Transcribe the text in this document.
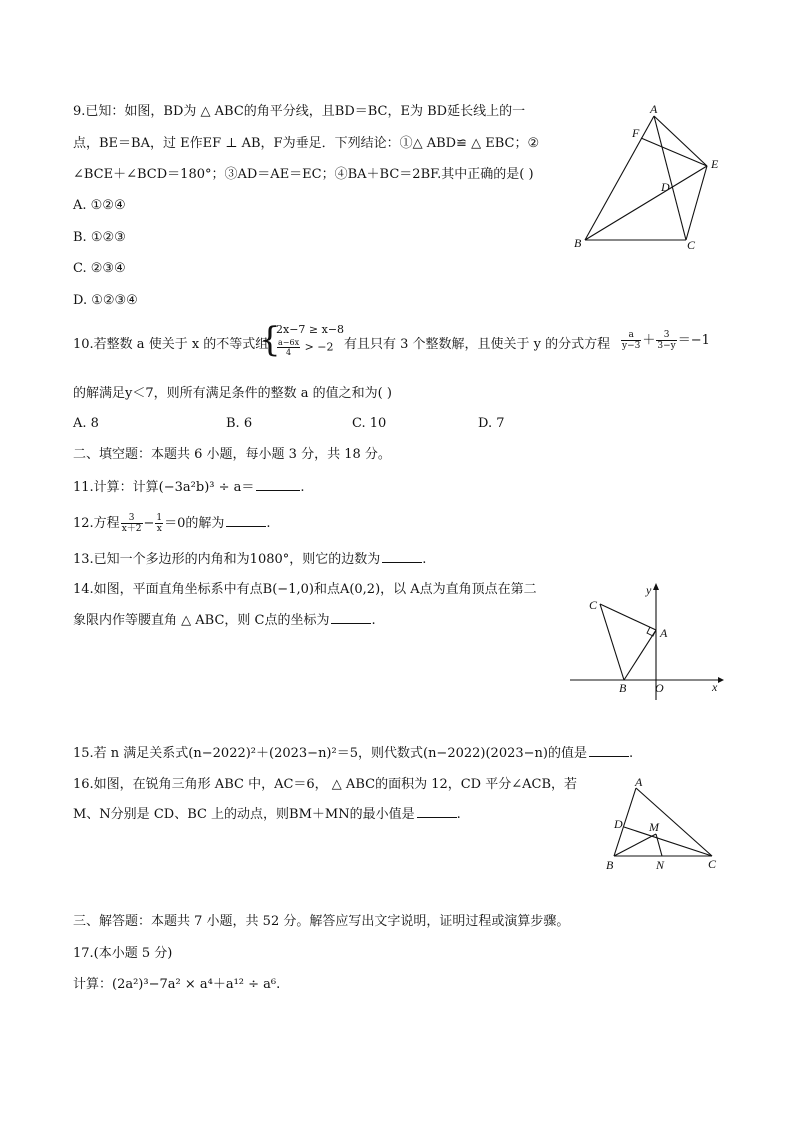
9.已知：如图，BD为 △ ABC的角平分线，且BD＝BC，E为 BD延长线上的一
点，BE＝BA，过 E作EF ⊥ AB，F为垂足．下列结论：①△ ABD≌ △ EBC；②
∠BCE＋∠BCD＝180°；③AD＝AE＝EC；④BA＋BC＝2BF.其中正确的是( )
A. ①②④
B. ①②③
C. ②③④
D. ①②③④
A
F
E
D
B	C
10.若整数 a 使关于 x 的不等式组
{
2x−7 ≥ x−8
$\frac{a-6x}{4} > -2$ 有且只有 3 个整数解，且使关于 y 的分式方程 $\frac{a}{y-3} + \frac{3}{3-y} =-1$
的解满足y＜7，则所有满足条件的整数 a 的值之和为( )
A. 8	B. 6	C. 10	D. 7
二、填空题：本题共 6 小题，每小题 3 分，共 18 分。
11.计算：计算(−3a²b)³ ÷ a＝	.
12.方程 $\frac{3}{x+2} - \frac{1}{x} =0$的解为	.
13.已知一个多边形的内角和为1080°，则它的边数为	.
14.如图，平面直角坐标系中有点B(−1,0)和点A(0,2)，以 A点为直角顶点在第二
象限内作等腰直角 △ ABC，则 C点的坐标为	.
y
x
C
A
B O
15.若 n 满足关系式(n−2022)²＋(2023−n)²＝5，则代数式(n−2022)(2023−n)的值是	.
16.如图，在锐角三角形 ABC 中，AC＝6， △ ABC的面积为 12，CD 平分∠ACB，若
M、N分别是 CD、BC 上的动点，则BM＋MN的最小值是	.
A
D M
B	N	C
三、解答题：本题共 7 小题，共 52 分。解答应写出文字说明，证明过程或演算步骤。
17.(本小题 5 分)
计算：(2a²)³−7a² × a⁴＋a¹² ÷ a⁶.
